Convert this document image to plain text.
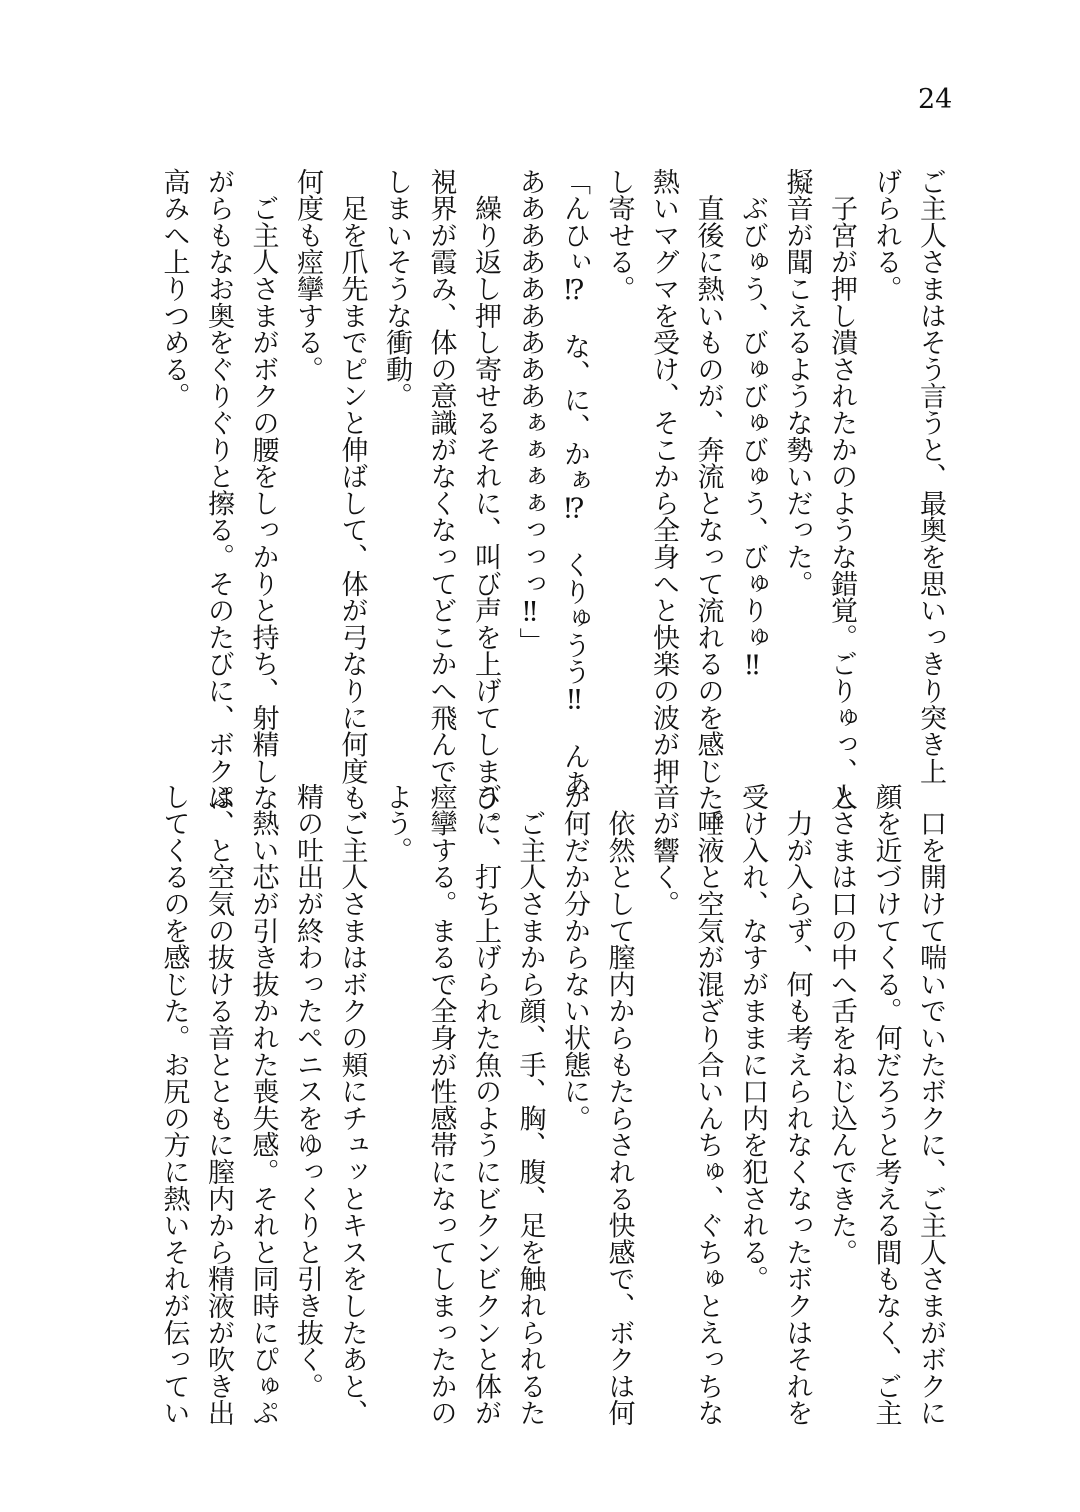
24
ご主人さまはそう言うと、最奥を思いっきり突き上
げられる。
　子宮が押し潰されたかのような錯覚。ごりゅっ、と
擬音が聞こえるような勢いだった。
　ぶびゅう、びゅびゅびゅう、びゅりゅ‼
　直後に熱いものが、奔流となって流れるのを感じた。
熱いマグマを受け、そこから全身へと快楽の波が押
し寄せる。
「んひぃ⁉　な、に、かぁ⁉　くりゅうう‼　んあ
あああああああああぁぁぁぁっっっ‼」
　繰り返し押し寄せるそれに、叫び声を上げてしまう。
視界が霞み、体の意識がなくなってどこかへ飛んで
しまいそうな衝動。
　足を爪先までピンと伸ばして、体が弓なりに何度も、
何度も痙攣する。
　ご主人さまがボクの腰をしっかりと持ち、射精しな
がらもなお奥をぐりぐりと擦る。そのたびに、ボクは
高みへ上りつめる。
　口を開けて喘いでいたボクに、ご主人さまがボクに
顔を近づけてくる。何だろうと考える間もなく、ご主
人さまは口の中へ舌をねじ込んできた。
　力が入らず、何も考えられなくなったボクはそれを
受け入れ、なすがままに口内を犯される。
　唾液と空気が混ざり合いんちゅ、ぐちゅとえっちな
音が響く。
　依然として膣内からもたらされる快感で、ボクは何
が何だか分からない状態に。
　ご主人さまから顔、手、胸、腹、足を触れられるた
びに、打ち上げられた魚のようにビクンビクンと体が
痙攣する。まるで全身が性感帯になってしまったかの
よう。
　ご主人さまはボクの頬にチュッとキスをしたあと、
精の吐出が終わったペニスをゆっくりと引き抜く。
　熱い芯が引き抜かれた喪失感。それと同時にぴゅぷ
ぷ、と空気の抜ける音とともに膣内から精液が吹き出
してくるのを感じた。お尻の方に熱いそれが伝ってい
